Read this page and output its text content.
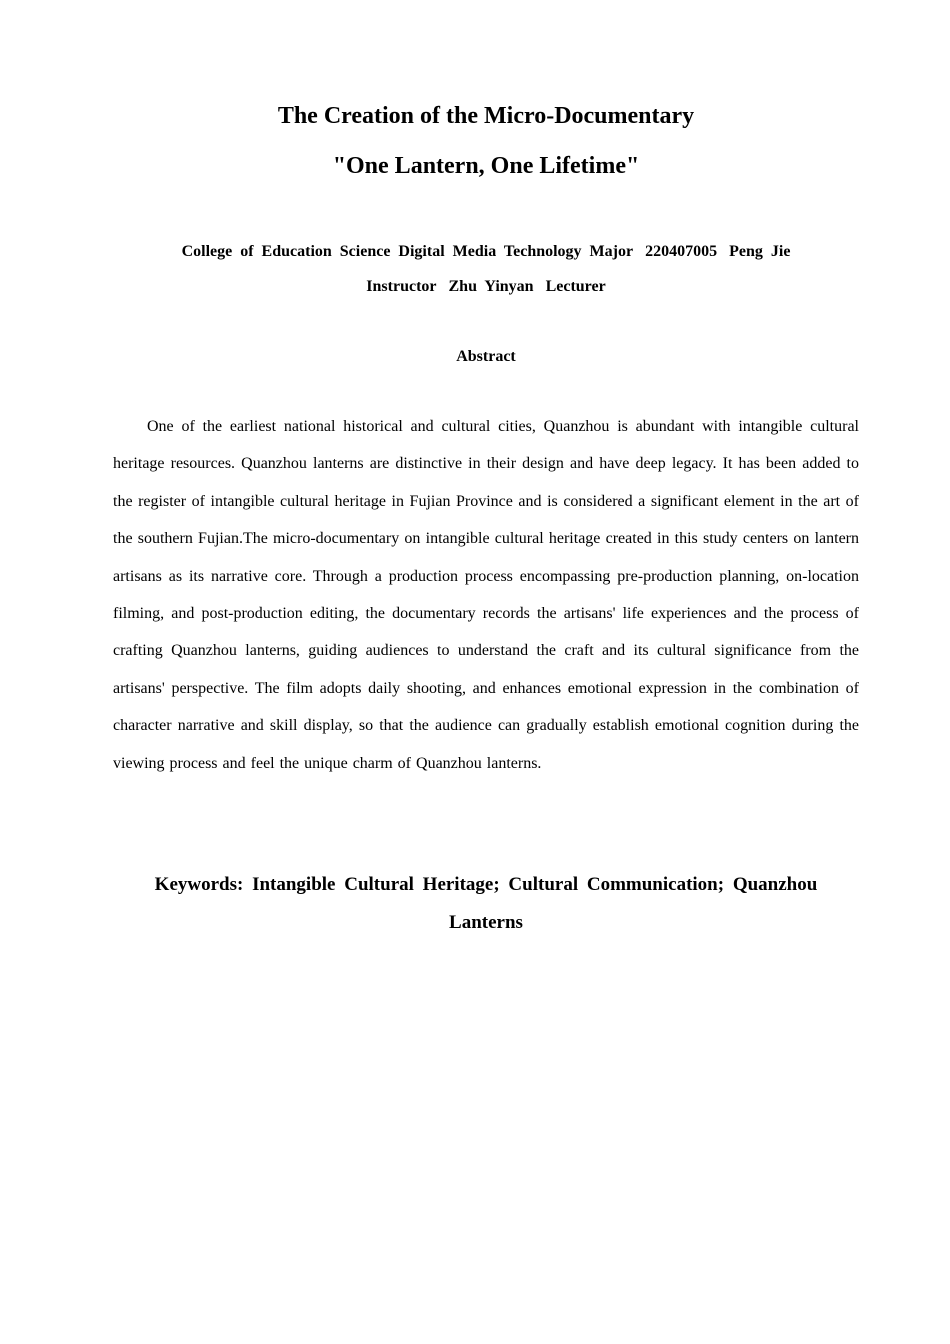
The Creation of the Micro-Documentary
"One Lantern, One Lifetime"
College of Education Science Digital Media Technology Major 220407005 Peng Jie
Instructor Zhu Yinyan Lecturer
Abstract

One of the earliest national historical and cultural cities, Quanzhou is abundant with intangible cultural heritage resources. Quanzhou lanterns are distinctive in their design and have deep legacy. It has been added to the register of intangible cultural heritage in Fujian Province and is considered a significant element in the art of the southern Fujian.The micro-documentary on intangible cultural heritage created in this study centers on lantern artisans as its narrative core. Through a production process encompassing pre-production planning, on-location filming, and post-production editing, the documentary records the artisans' life experiences and the process of crafting Quanzhou lanterns, guiding audiences to understand the craft and its cultural significance from the artisans' perspective. The film adopts daily shooting, and enhances emotional expression in the combination of character narrative and skill display, so that the audience can gradually establish emotional cognition during the viewing process and feel the unique charm of Quanzhou lanterns.

Keywords: Intangible Cultural Heritage; Cultural Communication; Quanzhou Lanterns
